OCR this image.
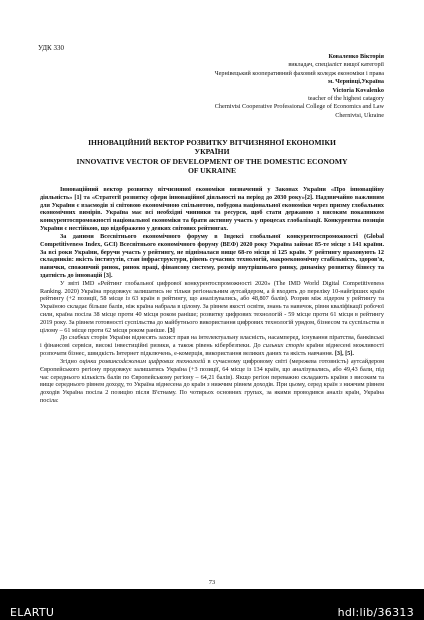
УДК 330
Коваленко Вікторія
викладач, спеціаліст вищої категорії
Чернівецький кооперативний фаховий коледж економіки і права
м. Чернівці,Україна
Victoria Kovalenko
teacher of the highest catagory
Chernivtsi Cooperative Professional College of Economics and Law
Chernivtsi, Ukraine
ІННОВАЦІЙНИЙ ВЕКТОР РОЗВИТКУ ВІТЧИЗНЯНОЇ ЕКОНОМІКИ
УКРАЇНИ
INNOVATIVE VECTOR OF DEVELOPMENT OF THE DOMESTIC ECONOMY
OF UKRAINE

Інноваційний вектор розвитку вітчизняної економіки визначений у Законах України «Про інноваційну діяльність» [1] та «Стратегії розвитку сфери інноваційної діяльності на період до 2030 року»[2]. Надзвичайно важливим для України є взаємодія зі світовою економічною спільнотою, побудова національної економіки через призму глобальних економічних вимірів. Україна має всі необхідні чинники та ресурси, щоб стати державою з високим показником конкурентоспроможності національної економіки та брати активну участь у процесах глобалізації. Конкурентна позиція України є нестійкою, що відображено у деяких світових рейтингах.

За даними Всесвітнього економічного форуму в Індексі глобальної конкурентоспроможності (Global Competitiveness Index, GCI) Всесвітнього економічного форуму (ВЕФ) 2020 року Україна займає 85-те місце з 141 країни. За всі роки України, беручи участь у рейтингу, не піднімалася вище 68-го місця зі 125 країн. У рейтингу враховують 12 складників: якість інститутів, стан інфраструктури, рівень сучасних технологій, макроекономічну стабільність, здоров'я, навички, споживчий ринок, ринок праці, фінансову систему, розмір внутрішнього ринку, динаміку розвитку бізнесу та здатність до інновацій [3].

У звіті IMD «Рейтинг глобальної цифрової конкурентоспроможності 2020» (The IMD World Digital Competitiveness Ranking. 2020) Україна продовжує залишатись не тільки регіональним аутсайдером, а й входить до переліку 10-найгірших країн рейтингу (+2 позиції, 58 місце із 63 країн в рейтингу, що аналізувались, або 48,807 балів). Розрив між лідером у рейтингу та Україною складає більше балів, ніж країна набрала в цілому. За рівнем якості освіти, знань та навичок, рівня кваліфікації робочої сили, країна посіла 38 місце проти 40 місця роком раніше; розвитку цифрових технологій - 59 місце проти 61 місця в рейтингу 2019 року. За рівнем готовності суспільства до майбутнього використання цифрових технологій урядом, бізнесом та суспільства в цілому – 61 місце проти 62 місця роком раніше. [3]

До слабких сторін України віднесять захист прав на інтелектуальну власність, насамперед, існування піратства, банківські і фінансові сервіси, високі інвестиційні ризики, а також рівень кібербезпеки. До сильних сторін країни віднесені можливості розпочати бізнес, швидкість Інтернет підключень, е-комерція, використання великих даних та якість навчання. [3], [5].

Згідно оцінки розвинсоdеженим цифрових технологій в сучасному цифровому світі (мережева готовність) аутсайдером Європейського регіону продовжує залишатись Україна (+3 позиції, 64 місце із 134 країн, що аналізувались, або 49,43 бали, під час середнього кількість балів по Європейському регіону – 64,21 балів). Якщо регіон переважно складають країни з високим та вище середнього рівнем доходу, то Україна віднесена до країн з нижчим рівнем доходів. При цьому, серед країн з нижчим рівнем доходів Україна посіла 2 позицію після В'єтнаму. По чотирьох основних групах, за якими проводився аналіз країн, Україна посіла:

73
ELARTU	hdl:lib/36313
